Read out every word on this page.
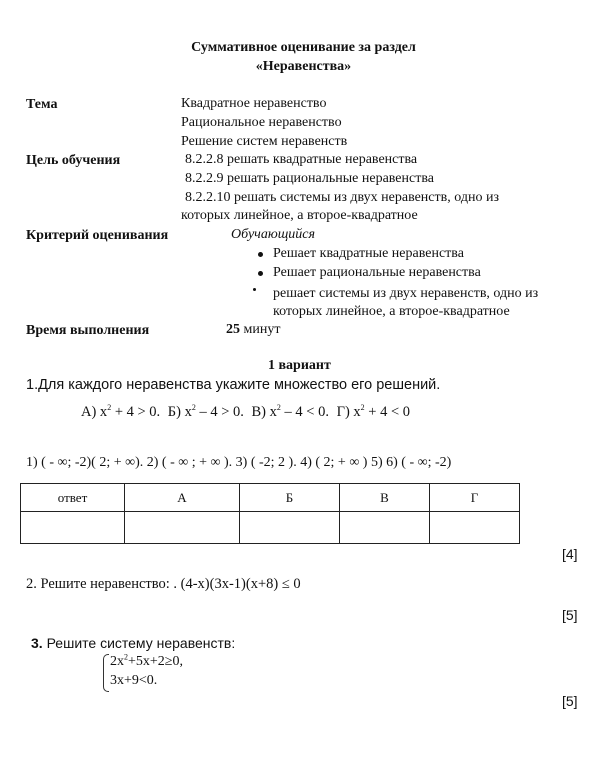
Суммативное оценивание за раздел
«Неравенства»
Тема	Квадратное неравенство
Рациональное неравенство
Решение систем неравенств
Цель обучения	8.2.2.8 решать квадратные неравенства
8.2.2.9 решать рациональные неравенства
8.2.2.10 решать системы из двух неравенств, одно из
которых линейное, а второе-квадратное
Критерий оценивания	Обучающийся
Решает квадратные неравенства
Решает рациональные неравенства
решает системы из двух неравенств, одно из
которых линейное, а второе-квадратное
Время выполнения	25 минут
1 вариант
1.Для каждого неравенства укажите множество его решений.
А) $x^2 + 4 > 0$. Б) $x^2 - 4 > 0$. В) $x^2 - 4 < 0$. Г) $x^2 + 4 < 0$
1) ( - ∞; -2)( 2; + ∞). 2) ( - ∞ ; + ∞ ). 3) ( -2; 2 ). 4) ( 2; + ∞ ) 5) 6) ( - ∞; -2)
ответ	А	Б	В	Г

[4]
2. Решите неравенство: . (4-х)(3х-1)(х+8) ≤ 0
[5]
3. Решите систему неравенств:
$2х^2+5х+2\ge 0$,
3х+9<0.
[5]
